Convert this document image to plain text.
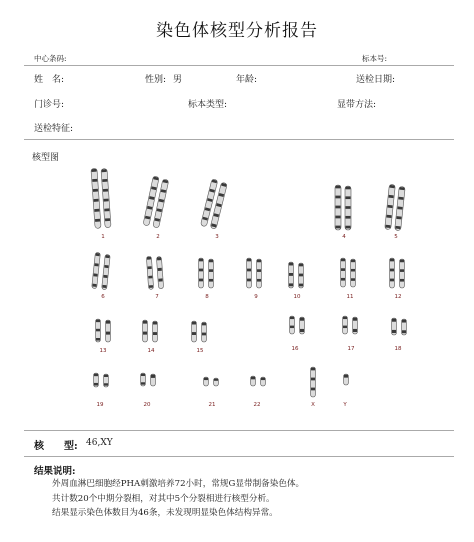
染色体核型分析报告
中心条码:	标本号:
姓　名:	性别: 男	年龄:	送检日期:
门诊号:	标本类型:	显带方法:
送检特征:
核型图
1	2	3	4	5
6	7	8	9	10	11	12
13	14	15	16	17	18
19	20	21	22	X	Y
核　　型: 46,XY
结果说明:
外周血淋巴细胞经PHA刺激培养72小时，常规G显带制备染色体。
共计数20个中期分裂相，对其中5个分裂相进行核型分析。
结果显示染色体数目为46条，未发现明显染色体结构异常。
